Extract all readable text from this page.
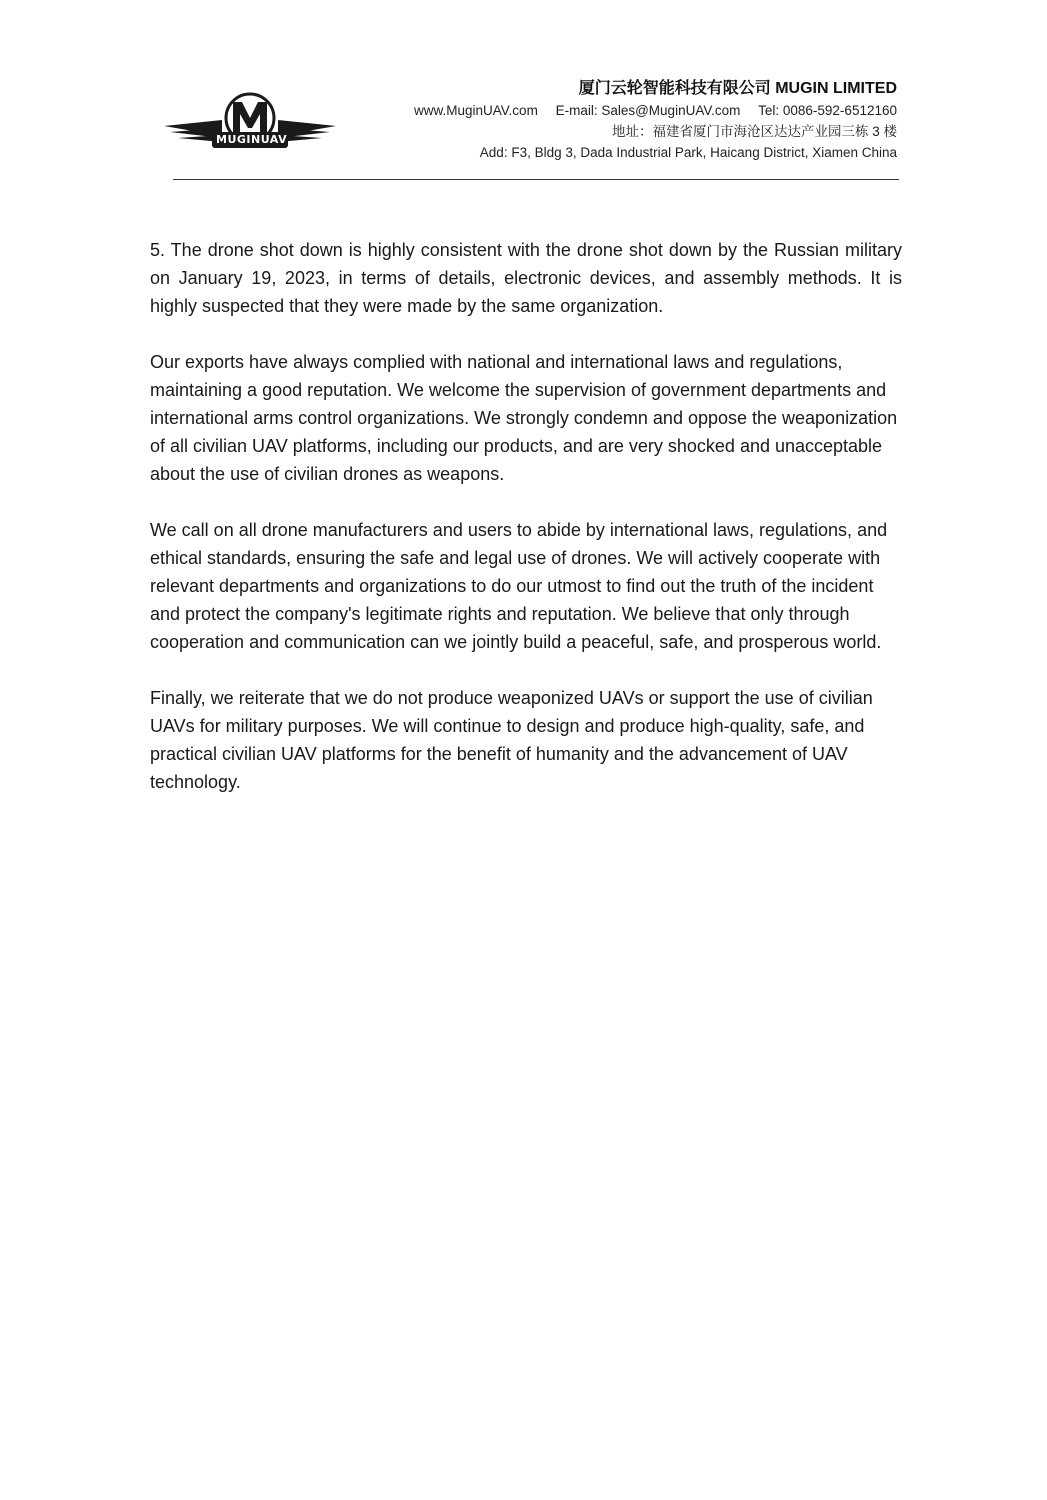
MUGINUAV
厦门云轮智能科技有限公司 MUGIN LIMITED
www.MuginUAV.com E-mail: Sales@MuginUAV.com Tel: 0086-592-6512160
地址：福建省厦门市海沧区达达产业园三栋 3 楼
Add: F3, Bldg 3, Dada Industrial Park, Haicang District, Xiamen China

5. The drone shot down is highly consistent with the drone shot down by the Russian military on January 19, 2023, in terms of details, electronic devices, and assembly methods. It is highly suspected that they were made by the same organization.

Our exports have always complied with national and international laws and regulations, maintaining a good reputation. We welcome the supervision of government departments and international arms control organizations. We strongly condemn and oppose the weaponization of all civilian UAV platforms, including our products, and are very shocked and unacceptable about the use of civilian drones as weapons.

We call on all drone manufacturers and users to abide by international laws, regulations, and ethical standards, ensuring the safe and legal use of drones. We will actively cooperate with relevant departments and organizations to do our utmost to find out the truth of the incident and protect the company's legitimate rights and reputation. We believe that only through cooperation and communication can we jointly build a peaceful, safe, and prosperous world.

Finally, we reiterate that we do not produce weaponized UAVs or support the use of civilian UAVs for military purposes. We will continue to design and produce high-quality, safe, and practical civilian UAV platforms for the benefit of humanity and the advancement of UAV technology.
